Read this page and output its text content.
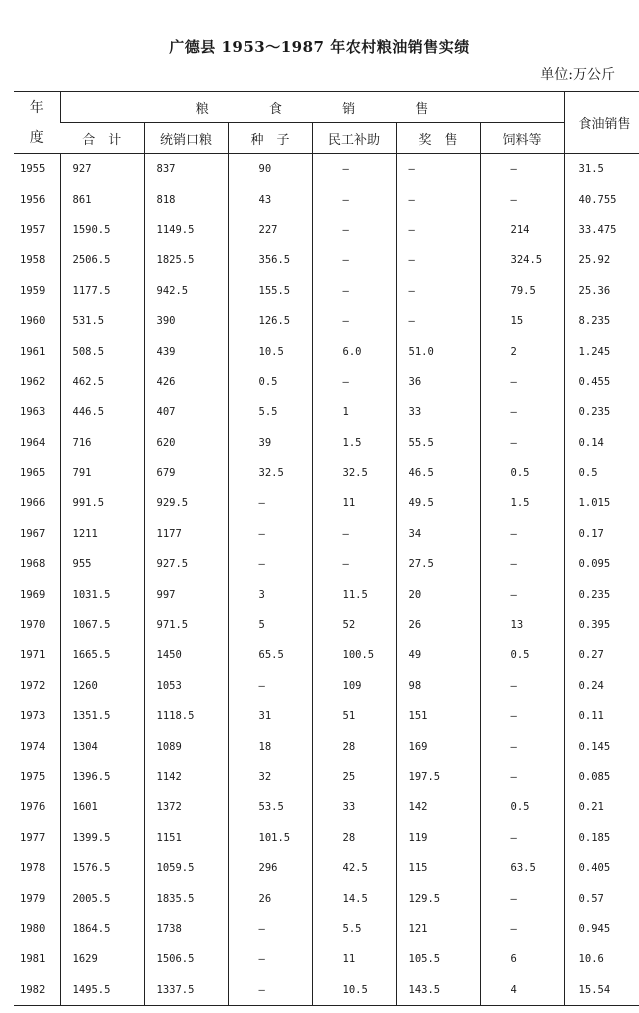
广德县 1953～1987 年农村粮油销售实绩
单位:万公斤
年
度	粮 食 销 售						食油销售
	合　计	统销口粮	种　子	民工补助	奖　售	饲料等	
1955	927	837	90	—	—	—	31.5
1956	861	818	43	—	—	—	40.755
1957	1590.5	1149.5	227	—	—	214	33.475
1958	2506.5	1825.5	356.5	—	—	324.5	25.92
1959	1177.5	942.5	155.5	—	—	79.5	25.36
1960	531.5	390	126.5	—	—	15	8.235
1961	508.5	439	10.5	6.0	51.0	2	1.245
1962	462.5	426	0.5	—	36	—	0.455
1963	446.5	407	5.5	1	33	—	0.235
1964	716	620	39	1.5	55.5	—	0.14
1965	791	679	32.5	32.5	46.5	0.5	0.5
1966	991.5	929.5	—	11	49.5	1.5	1.015
1967	1211	1177	—	—	34	—	0.17
1968	955	927.5	—	—	27.5	—	0.095
1969	1031.5	997	3	11.5	20	—	0.235
1970	1067.5	971.5	5	52	26	13	0.395
1971	1665.5	1450	65.5	100.5	49	0.5	0.27
1972	1260	1053	—	109	98	—	0.24
1973	1351.5	1118.5	31	51	151	—	0.11
1974	1304	1089	18	28	169	—	0.145
1975	1396.5	1142	32	25	197.5	—	0.085
1976	1601	1372	53.5	33	142	0.5	0.21
1977	1399.5	1151	101.5	28	119	—	0.185
1978	1576.5	1059.5	296	42.5	115	63.5	0.405
1979	2005.5	1835.5	26	14.5	129.5	—	0.57
1980	1864.5	1738	—	5.5	121	—	0.945
1981	1629	1506.5	—	11	105.5	6	10.6
1982	1495.5	1337.5	—	10.5	143.5	4	15.54
